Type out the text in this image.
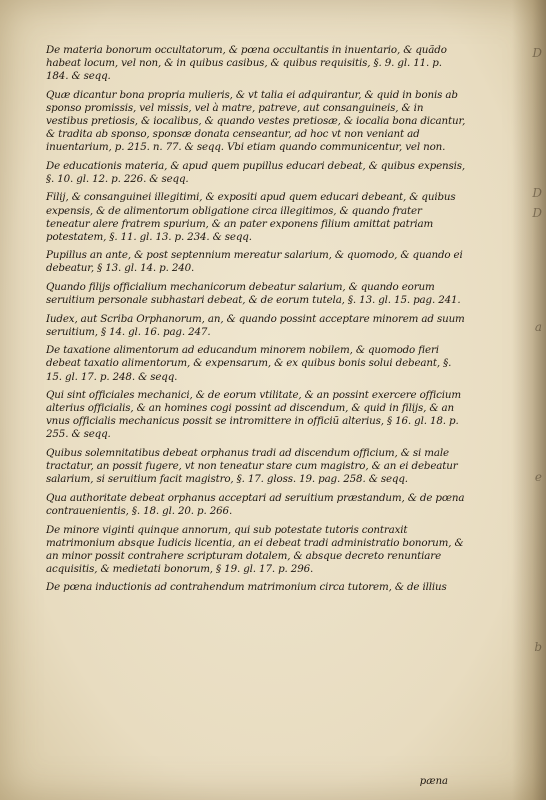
De materia bonorum occultatorum, & pœna occultantis in inuentario, & quãdo habeat locum, vel non, & in quibus casibus, & quibus requisitis, §. 9. gl. 11. p. 184. & seqq.

Quæ dicantur bona propria mulieris, & vt talia ei adquirantur, & quid in bonis ab sponso promissis, vel missis, vel à matre, patreve, aut consanguineis, & in vestibus pretiosis, & iocalibus, & quando vestes pretiosæ, & iocalia bona dicantur, & tradita ab sponso, sponsæ donata censeantur, ad hoc vt non veniant ad inuentarium, p. 215. n. 77. & seqq. Vbi etiam quando communicentur, vel non.

De educationis materia, & apud quem pupillus educari debeat, & quibus expensis, §. 10. gl. 12. p. 226. & seqq.

Filij, & consanguinei illegitimi, & expositi apud quem educari debeant, & quibus expensis, & de alimentorum obligatione circa illegitimos, & quando frater teneatur alere fratrem spurium, & an pater exponens filium amittat patriam potestatem, §. 11. gl. 13. p. 234. & seqq.

Pupillus an ante, & post septennium mereatur salarium, & quomodo, & quando ei debeatur, § 13. gl. 14. p. 240.

Quando filijs officialium mechanicorum debeatur salarium, & quando eorum seruitium personale subhastari debeat, & de eorum tutela, §. 13. gl. 15. pag. 241.

Iudex, aut Scriba Orphanorum, an, & quando possint acceptare minorem ad suum seruitium, § 14. gl. 16. pag. 247.

De taxatione alimentorum ad educandum minorem nobilem, & quomodo fieri debeat taxatio alimentorum, & expensarum, & ex quibus bonis solui debeant, §. 15. gl. 17. p. 248. & seqq.

Qui sint officiales mechanici, & de eorum vtilitate, & an possint exercere officium alterius officialis, & an homines cogi possint ad discendum, & quid in filijs, & an vnus officialis mechanicus possit se intromittere in officiũ alterius, § 16. gl. 18. p. 255. & seqq.

Quibus solemnitatibus debeat orphanus tradi ad discendum officium, & si male tractatur, an possit fugere, vt non teneatur stare cum magistro, & an ei debeatur salarium, si seruitium facit magistro, §. 17. gloss. 19. pag. 258. & seqq.

Qua authoritate debeat orphanus acceptari ad seruitium præstandum, & de pœna contrauenientis, §. 18. gl. 20. p. 266.

De minore viginti quinque annorum, qui sub potestate tutoris contraxit matrimonium absque Iudicis licentia, an ei debeat tradi administratio bonorum, & an minor possit contrahere scripturam dotalem, & absque decreto renuntiare acquisitis, & medietati bonorum, § 19. gl. 17. p. 296.

De pœna inductionis ad contrahendum matrimonium circa tutorem, & de illius

pæna
D
D
D
a
e
b
